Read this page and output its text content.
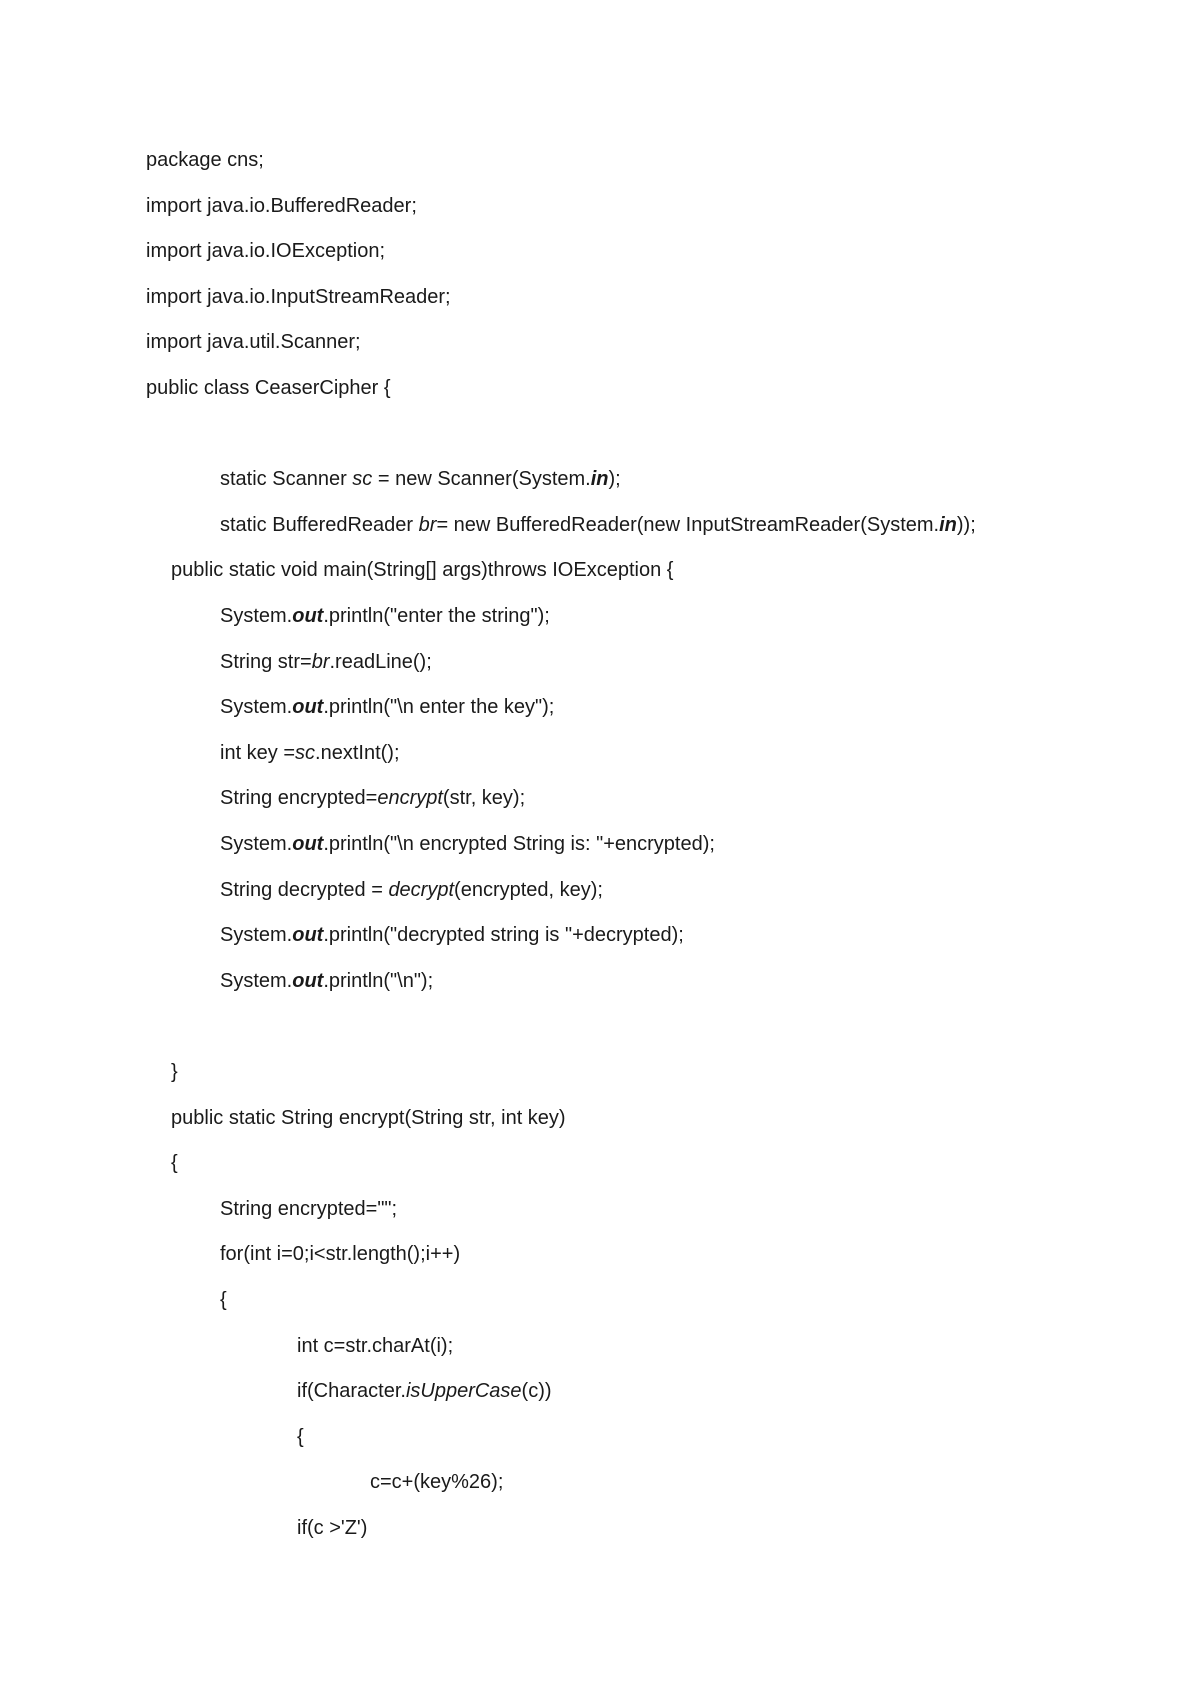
package cns;
import java.io.BufferedReader;
import java.io.IOException;
import java.io.InputStreamReader;
import java.util.Scanner;
public class CeaserCipher {
static Scanner sc = new Scanner(System.in);
static BufferedReader br= new BufferedReader(new InputStreamReader(System.in));
public static void main(String[] args)throws IOException {
System.out.println("enter the string");
String str=br.readLine();
System.out.println("\n enter the key");
int key =sc.nextInt();
String encrypted=encrypt(str, key);
System.out.println("\n encrypted String is: "+encrypted);
String decrypted = decrypt(encrypted, key);
System.out.println("decrypted string is "+decrypted);
System.out.println("\n");
}
public static String encrypt(String str, int key)
{
String encrypted="";
for(int i=0;i<str.length();i++)
{
int c=str.charAt(i);
if(Character.isUpperCase(c))
{
c=c+(key%26);
if(c >'Z')
